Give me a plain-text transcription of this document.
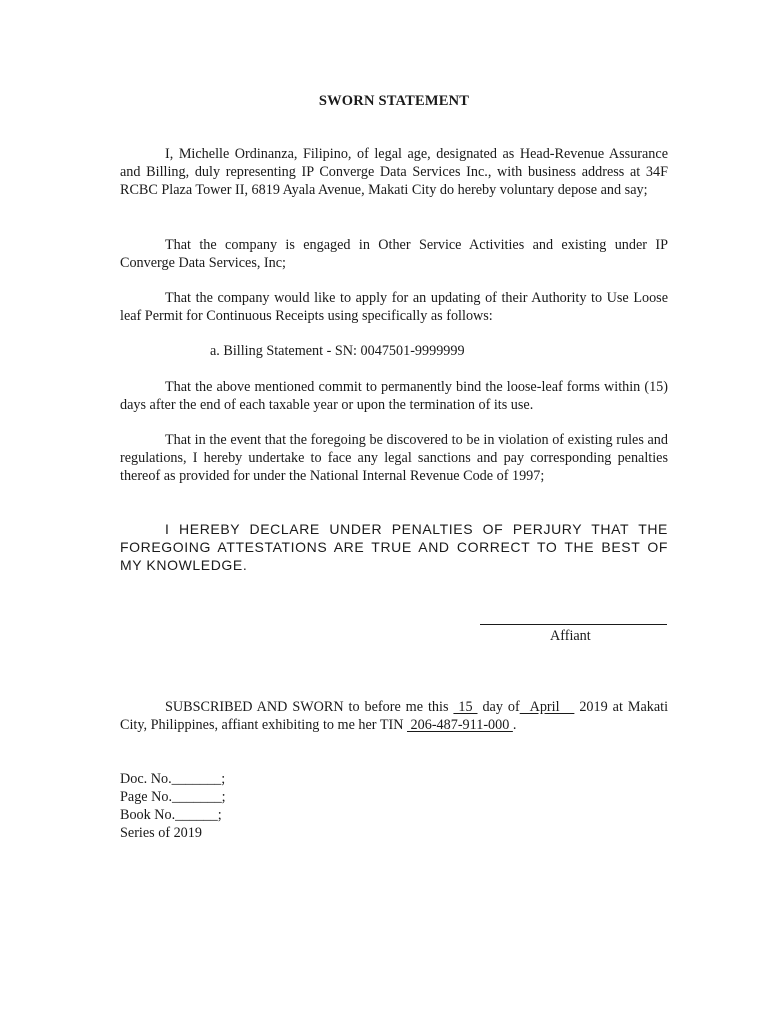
SWORN STATEMENT

I, Michelle Ordinanza, Filipino, of legal age, designated as Head-Revenue Assurance and Billing, duly representing IP Converge Data Services Inc., with business address at 34F RCBC Plaza Tower II, 6819 Ayala Avenue, Makati City do hereby voluntary depose and say;

That the company is engaged in Other Service Activities and existing under IP Converge Data Services, Inc;

That the company would like to apply for an updating of their Authority to Use Loose leaf Permit for Continuous Receipts using specifically as follows:

a. Billing Statement - SN: 0047501-9999999

That the above mentioned commit to permanently bind the loose-leaf forms within (15) days after the end of each taxable year or upon the termination of its use.

That in the event that the foregoing be discovered to be in violation of existing rules and regulations, I hereby undertake to face any legal sanctions and pay corresponding penalties thereof as provided for under the National Internal Revenue Code of 1997;

I HEREBY DECLARE UNDER PENALTIES OF PERJURY THAT THE FOREGOING ATTESTATIONS ARE TRUE AND CORRECT TO THE BEST OF MY KNOWLEDGE.

Affiant

SUBSCRIBED AND SWORN to before me this  15  day of  April    2019 at Makati City, Philippines, affiant exhibiting to me her TIN  206-487-911-000 .

Doc. No._______;
Page No._______;
Book No.______;
Series of 2019
